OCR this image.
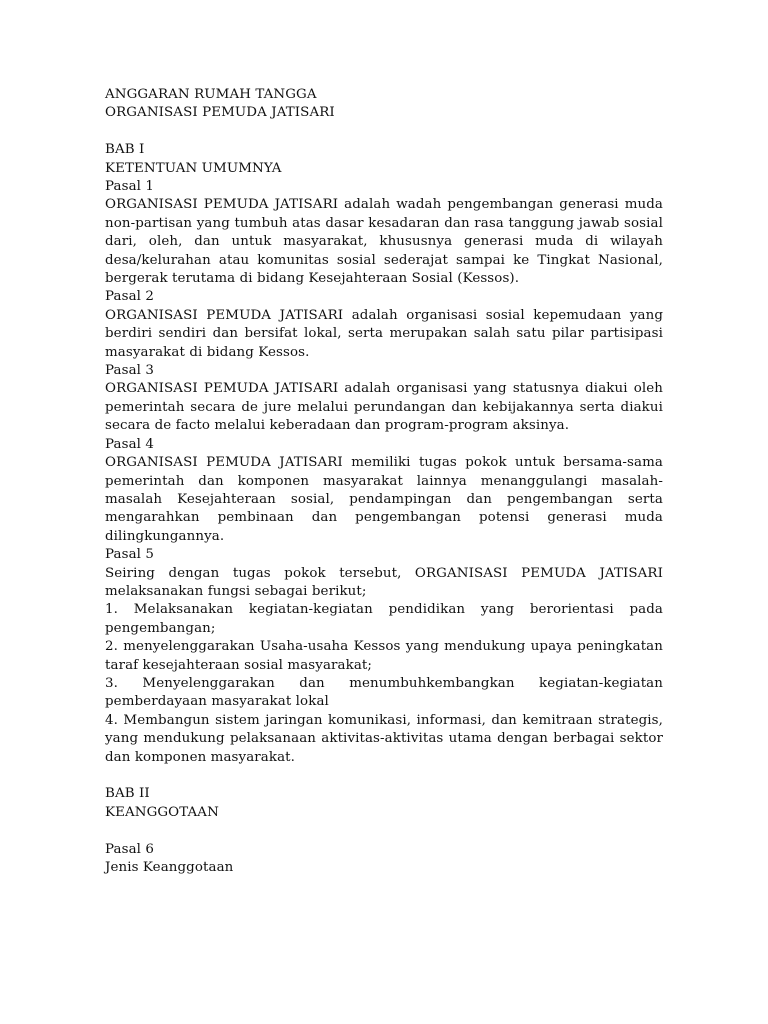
ANGGARAN RUMAH TANGGA
ORGANISASI PEMUDA JATISARI
BAB I
KETENTUAN UMUMNYA
Pasal 1
ORGANISASI PEMUDA JATISARI adalah wadah pengembangan generasi muda non-partisan yang tumbuh atas dasar kesadaran dan rasa tanggung jawab sosial dari, oleh, dan untuk masyarakat, khususnya generasi muda di wilayah desa/kelurahan atau komunitas sosial sederajat sampai ke Tingkat Nasional, bergerak terutama di bidang Kesejahteraan Sosial (Kessos).
Pasal 2
ORGANISASI PEMUDA JATISARI adalah organisasi sosial kepemudaan yang berdiri sendiri dan bersifat lokal, serta merupakan salah satu pilar partisipasi masyarakat di bidang Kessos.
Pasal 3
ORGANISASI PEMUDA JATISARI adalah organisasi yang statusnya diakui oleh pemerintah secara de jure melalui perundangan dan kebijakannya serta diakui secara de facto melalui keberadaan dan program-program aksinya.
Pasal 4
ORGANISASI PEMUDA JATISARI memiliki tugas pokok untuk bersama-sama pemerintah dan komponen masyarakat lainnya menanggulangi masalah-masalah Kesejahteraan sosial, pendampingan dan pengembangan serta mengarahkan pembinaan dan pengembangan potensi generasi muda dilingkungannya.
Pasal 5
Seiring dengan tugas pokok tersebut, ORGANISASI PEMUDA JATISARI melaksanakan fungsi sebagai berikut;
1. Melaksanakan kegiatan-kegiatan pendidikan yang berorientasi pada pengembangan;
2. menyelenggarakan Usaha-usaha Kessos yang mendukung upaya peningkatan taraf kesejahteraan sosial masyarakat;
3. Menyelenggarakan dan menumbuhkembangkan kegiatan-kegiatan pemberdayaan masyarakat lokal
4. Membangun sistem jaringan komunikasi, informasi, dan kemitraan strategis, yang mendukung pelaksanaan aktivitas-aktivitas utama dengan berbagai sektor dan komponen masyarakat.
BAB II
KEANGGOTAAN
Pasal 6
Jenis Keanggotaan
